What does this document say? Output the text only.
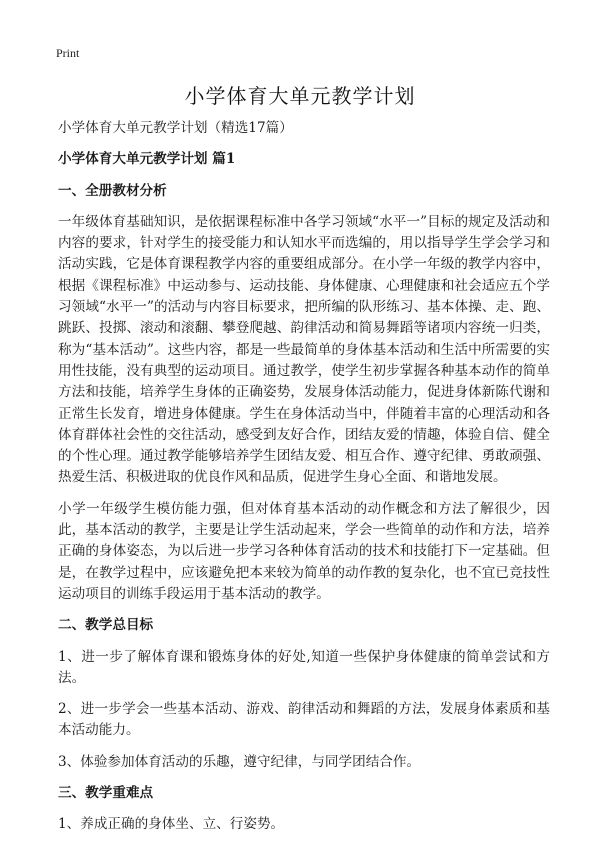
Print
小学体育大单元教学计划

小学体育大单元教学计划（精选17篇）

小学体育大单元教学计划 篇1

一、全册教材分析

一年级体育基础知识，是依据课程标准中各学习领域“水平一”目标的规定及活动和内容的要求，针对学生的接受能力和认知水平而选编的，用以指导学生学会学习和活动实践，它是体育课程教学内容的重要组成部分。在小学一年级的教学内容中，根据《课程标准》中运动参与、运动技能、身体健康、心理健康和社会适应五个学习领域“水平一”的活动与内容目标要求，把所编的队形练习、基本体操、走、跑、跳跃、投掷、滚动和滚翻、攀登爬越、韵律活动和简易舞蹈等诸项内容统一归类，称为“基本活动”。这些内容，都是一些最简单的身体基本活动和生活中所需要的实用性技能，没有典型的运动项目。通过教学，使学生初步掌握各种基本动作的简单方法和技能，培养学生身体的正确姿势，发展身体活动能力，促进身体新陈代谢和正常生长发育，增进身体健康。学生在身体活动当中，伴随着丰富的心理活动和各体育群体社会性的交往活动，感受到友好合作，团结友爱的情趣，体验自信、健全的个性心理。通过教学能够培养学生团结友爱、相互合作、遵守纪律、勇敢顽强、热爱生活、积极进取的优良作风和品质，促进学生身心全面、和谐地发展。

小学一年级学生模仿能力强，但对体育基本活动的动作概念和方法了解很少，因此，基本活动的教学，主要是让学生活动起来，学会一些简单的动作和方法，培养正确的身体姿态，为以后进一步学习各种体育活动的技术和技能打下一定基础。但是，在教学过程中，应该避免把本来较为简单的动作教的复杂化，也不宜已竞技性运动项目的训练手段运用于基本活动的教学。

二、教学总目标

1、进一步了解体育课和锻炼身体的好处,知道一些保护身体健康的简单尝试和方法。

2、进一步学会一些基本活动、游戏、韵律活动和舞蹈的方法，发展身体素质和基本活动能力。

3、体验参加体育活动的乐趣，遵守纪律，与同学团结合作。

三、教学重难点

1、养成正确的身体坐、立、行姿势。
